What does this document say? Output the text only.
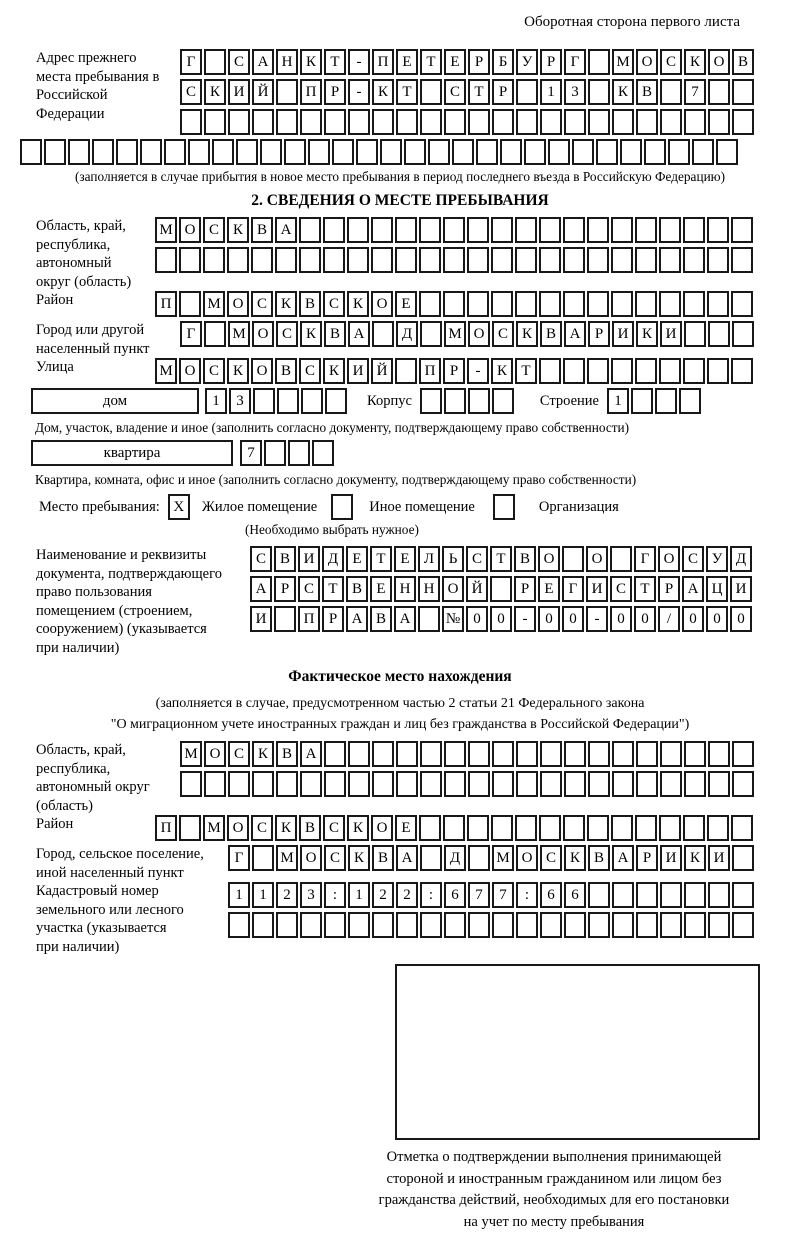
Оборотная сторона первого листа
Адрес прежнего места пребывания в Российской Федерации
Г	С А Н К Т - П Е Т Е Р Б У Р Г М О С К О В
С К И Й П Р - К Т	С Т Р	1 3	К В	7
(заполняется в случае прибытия в новое место пребывания в период последнего въезда в Российскую Федерацию)
2. СВЕДЕНИЯ О МЕСТЕ ПРЕБЫВАНИЯ
Область, край, республика, автономный округ (область)
М О С К В А
Район	П М О С К В С К О Е
Город или другой населенный пункт
Г М О С К В А Д М О С К В А Р И К И
Улица	М О С К О В С К И Й П Р - К Т
дом	1 3	Корпус	Строение 1
Дом, участок, владение и иное (заполнить согласно документу, подтверждающему право собственности)
квартира	7
Квартира, комната, офис и иное (заполнить согласно документу, подтверждающему право собственности)
Место пребывания: X Жилое помещение	Иное помещение	Организация
(Необходимо выбрать нужное)
Наименование и реквизиты документа, подтверждающего право пользования помещением (строением, сооружением) (указывается при наличии)
С В И Д Е Т Е Л Ь С Т В О О	Г О С У Д
А Р С Т В Е Н Н О Й	Р Е Г И С Т Р А Ц И
И П Р А В А № 0 0 - 0 0 - 0 0 / 0 0 0
Фактическое место нахождения
(заполняется в случае, предусмотренном частью 2 статьи 21 Федерального закона
"О миграционном учете иностранных граждан и лиц без гражданства в Российской Федерации")
Область, край, республика, автономный округ (область)
М О С К В А
Район	П М О С К В С К О Е
Город, сельское поселение, иной населенный пункт
Г М О С К В А Д М О С К В А Р И К И
Кадастровый номер земельного или лесного участка (указывается при наличии)
1 1 2 3 : 1 2 2 : 6 7 7 : 6 6
Отметка о подтверждении выполнения принимающей
стороной и иностранным гражданином или лицом без
гражданства действий, необходимых для его постановки
на учет по месту пребывания
